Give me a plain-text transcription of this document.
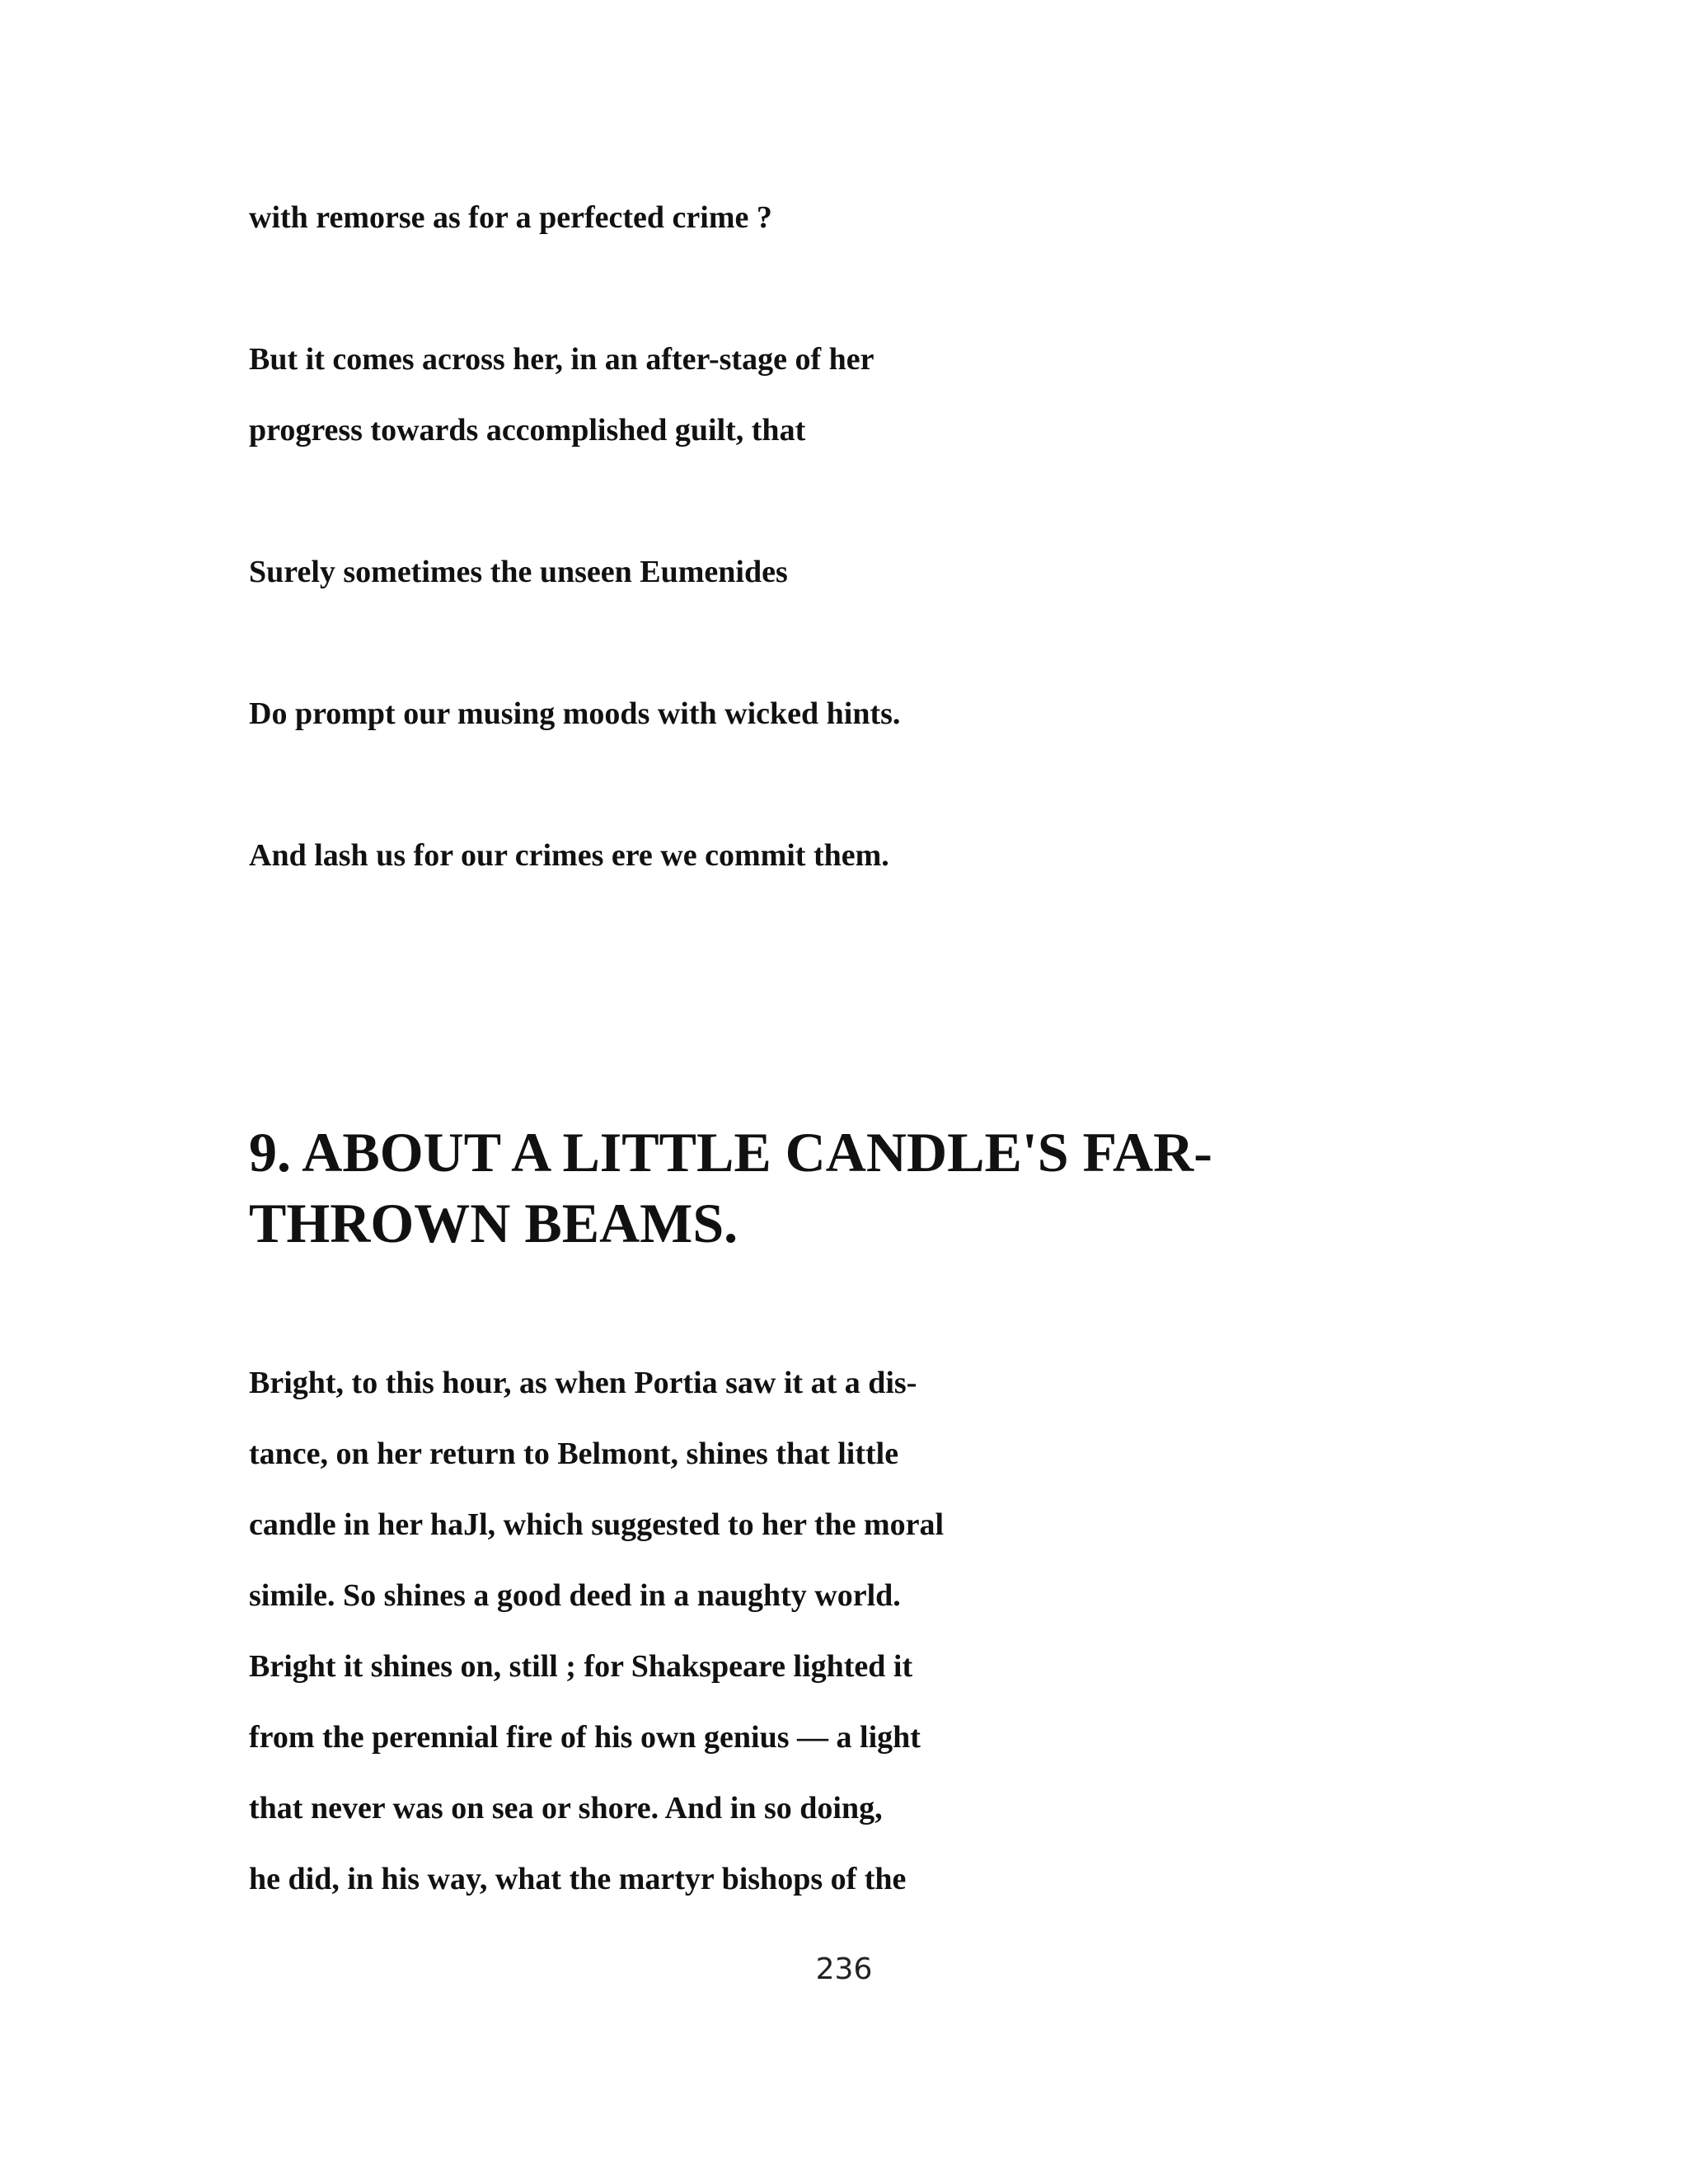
with remorse as for a perfected crime ?

But it comes across her, in an after-stage of her

progress towards accomplished guilt, that

Surely sometimes the unseen Eumenides

Do prompt our musing moods with wicked hints.

And lash us for our crimes ere we commit them.

9. ABOUT A LITTLE CANDLE'S FAR-

THROWN BEAMS.

Bright, to this hour, as when Portia saw it at a dis-

tance, on her return to Belmont, shines that little

candle in her haJl, which suggested to her the moral

simile. So shines a good deed in a naughty world.

Bright it shines on, still ; for Shakspeare lighted it

from the perennial fire of his own genius — a light

that never was on sea or shore. And in so doing,

he did, in his way, what the martyr bishops of the

236
